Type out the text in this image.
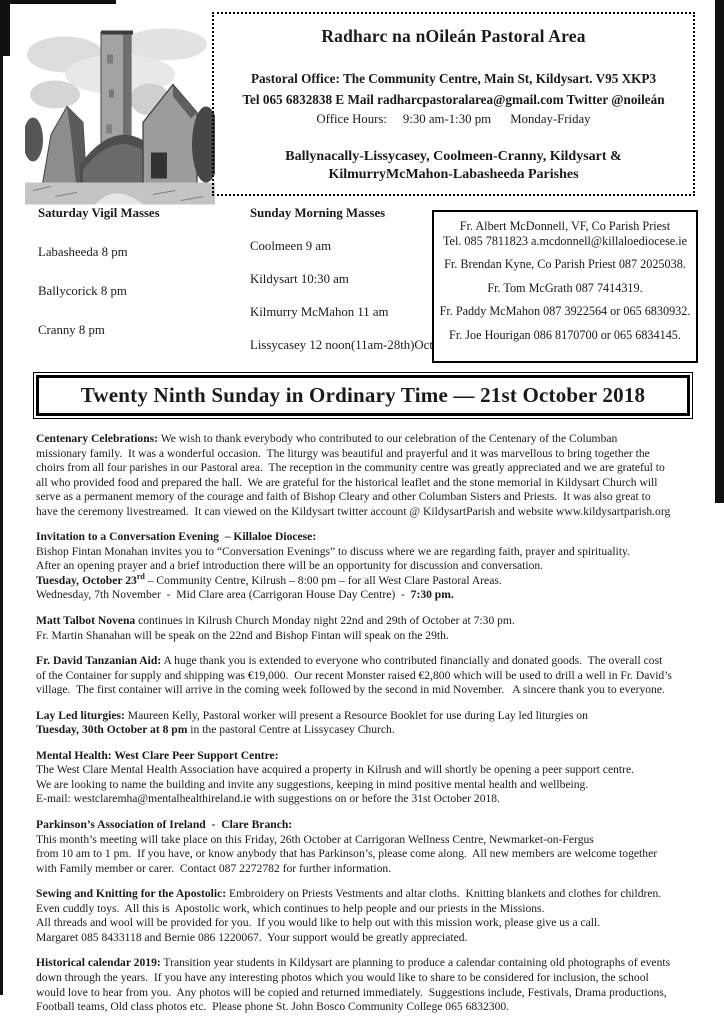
Radharc na nOileán Pastoral Area
Pastoral Office: The Community Centre, Main St, Kildysart. V95 XKP3
Tel 065 6832838 E Mail radharcpastoralarea@gmail.com Twitter @noileán
Office Hours:     9:30 am-1:30 pm      Monday-Friday
Ballynacally-Lissycasey, Coolmeen-Cranny, Kildysart &
KilmurryMcMahon-Labasheeda Parishes
Saturday Vigil Masses
Labasheeda 8 pm
Ballycorick 8 pm
Cranny 8 pm
Sunday Morning Masses
Coolmeen 9 am
Kildysart 10:30 am
Kilmurry McMahon 11 am
Lissycasey 12 noon(11am-28th)Oct
Fr. Albert McDonnell, VF, Co Parish Priest
Tel. 085 7811823 a.mcdonnell@killaloediocese.ie
Fr. Brendan Kyne, Co Parish Priest 087 2025038.
Fr. Tom McGrath 087 7414319.
Fr. Paddy McMahon 087 3922564 or 065 6830932.
Fr. Joe Hourigan 086 8170700 or 065 6834145.
Twenty Ninth Sunday in Ordinary Time — 21st October 2018
Centenary Celebrations: We wish to thank everybody who contributed to our celebration of the Centenary of the Columban
missionary family.  It was a wonderful occasion.  The liturgy was beautiful and prayerful and it was marvellous to bring together the
choirs from all four parishes in our Pastoral area.  The reception in the community centre was greatly appreciated and we are grateful to
all who provided food and prepared the hall.  We are grateful for the historical leaflet and the stone memorial in Kildysart Church will
serve as a permanent memory of the courage and faith of Bishop Cleary and other Columban Sisters and Priests.  It was also great to
have the ceremony livestreamed.  It can viewed on the Kildysart twitter account @ KildysartParish and website www.kildysartparish.org
Invitation to a Conversation Evening  – Killaloe Diocese:
Bishop Fintan Monahan invites you to “Conversation Evenings” to discuss where we are regarding faith, prayer and spirituality.
After an opening prayer and a brief introduction there will be an opportunity for discussion and conversation.
Tuesday, October 23rd – Community Centre, Kilrush – 8:00 pm – for all West Clare Pastoral Areas.
Wednesday, 7th November  -  Mid Clare area (Carrigoran House Day Centre)  -  7:30 pm.
Matt Talbot Novena continues in Kilrush Church Monday night 22nd and 29th of October at 7:30 pm.
Fr. Martin Shanahan will be speak on the 22nd and Bishop Fintan will speak on the 29th.
Fr. David Tanzanian Aid: A huge thank you is extended to everyone who contributed financially and donated goods.  The overall cost
of the Container for supply and shipping was €19,000.  Our recent Monster raised €2,800 which will be used to drill a well in Fr. David’s
village.  The first container will arrive in the coming week followed by the second in mid November.   A sincere thank you to everyone.
Lay Led liturgies: Maureen Kelly, Pastoral worker will present a Resource Booklet for use during Lay led liturgies on
Tuesday, 30th October at 8 pm in the pastoral Centre at Lissycasey Church.
Mental Health: West Clare Peer Support Centre:
The West Clare Mental Health Association have acquired a property in Kilrush and will shortly be opening a peer support centre.
We are looking to name the building and invite any suggestions, keeping in mind positive mental health and wellbeing.
E-mail: westclaremha@mentalhealthireland.ie with suggestions on or before the 31st October 2018.
Parkinson’s Association of Ireland  -  Clare Branch:
This month’s meeting will take place on this Friday, 26th October at Carrigoran Wellness Centre, Newmarket-on-Fergus
from 10 am to 1 pm.  If you have, or know anybody that has Parkinson’s, please come along.  All new members are welcome together
with Family member or carer.  Contact 087 2272782 for further information.
Sewing and Knitting for the Apostolic: Embroidery on Priests Vestments and altar cloths.  Knitting blankets and clothes for children.
Even cuddly toys.  All this is  Apostolic work, which continues to help people and our priests in the Missions.
All threads and wool will be provided for you.  If you would like to help out with this mission work, please give us a call.
Margaret 085 8433118 and Bernie 086 1220067.  Your support would be greatly appreciated.
Historical calendar 2019: Transition year students in Kildysart are planning to produce a calendar containing old photographs of events
down through the years.  If you have any interesting photos which you would like to share to be considered for inclusion, the school
would love to hear from you.  Any photos will be copied and returned immediately.  Suggestions include, Festivals, Drama productions,
Football teams, Old class photos etc.  Please phone St. John Bosco Community College 065 6832300.
